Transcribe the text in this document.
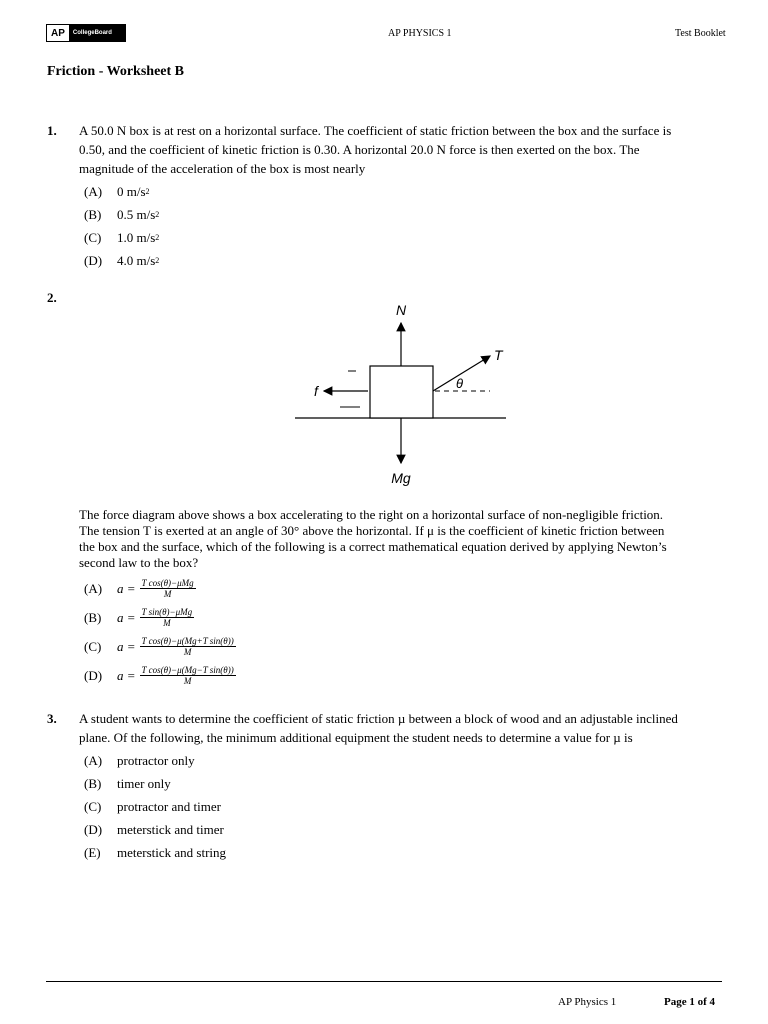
AP	CollegeBoard	AP PHYSICS 1	Test Booklet
Friction - Worksheet B
1. A 50.0 N box is at rest on a horizontal surface. The coefficient of static friction between the box and the surface is
0.50, and the coefficient of kinetic friction is 0.30. A horizontal 20.0 N force is then exerted on the box. The
magnitude of the acceleration of the box is most nearly
(A)	0 m/s 2
(B)	0.5 m/s 2
(C)	1.0 m/s 2
(D)	4.0 m/s 2
2.
N
Mg
T
θ
f
The force diagram above shows a box accelerating to the right on a horizontal surface of non-negligible friction.
The tension T is exerted at an angle of 30° above the horizontal. If μ is the coefficient of kinetic friction between
the box and the surface, which of the following is a correct mathematical equation derived by applying Newton’s
second law to the box?
(A)	$a = \frac{\text{T cos(θ)−μMg}}{M}$
(B)	$a = \frac{\text{T sin(θ)−μMg}}{M}$
(C)	$a = \frac{\text{T cos(θ)−μ(Mg+T sin(θ))}}{M}$
(D)	$a = \frac{\text{T cos(θ)−μ(Mg−T sin(θ))}}{M}$
3. A student wants to determine the coefficient of static friction µ between a block of wood and an adjustable inclined
plane. Of the following, the minimum additional equipment the student needs to determine a value for µ is
(A)	protractor only
(B)	timer only
(C)	protractor and timer
(D)	meterstick and timer
(E)	meterstick and string
AP Physics 1	Page 1 of 4
